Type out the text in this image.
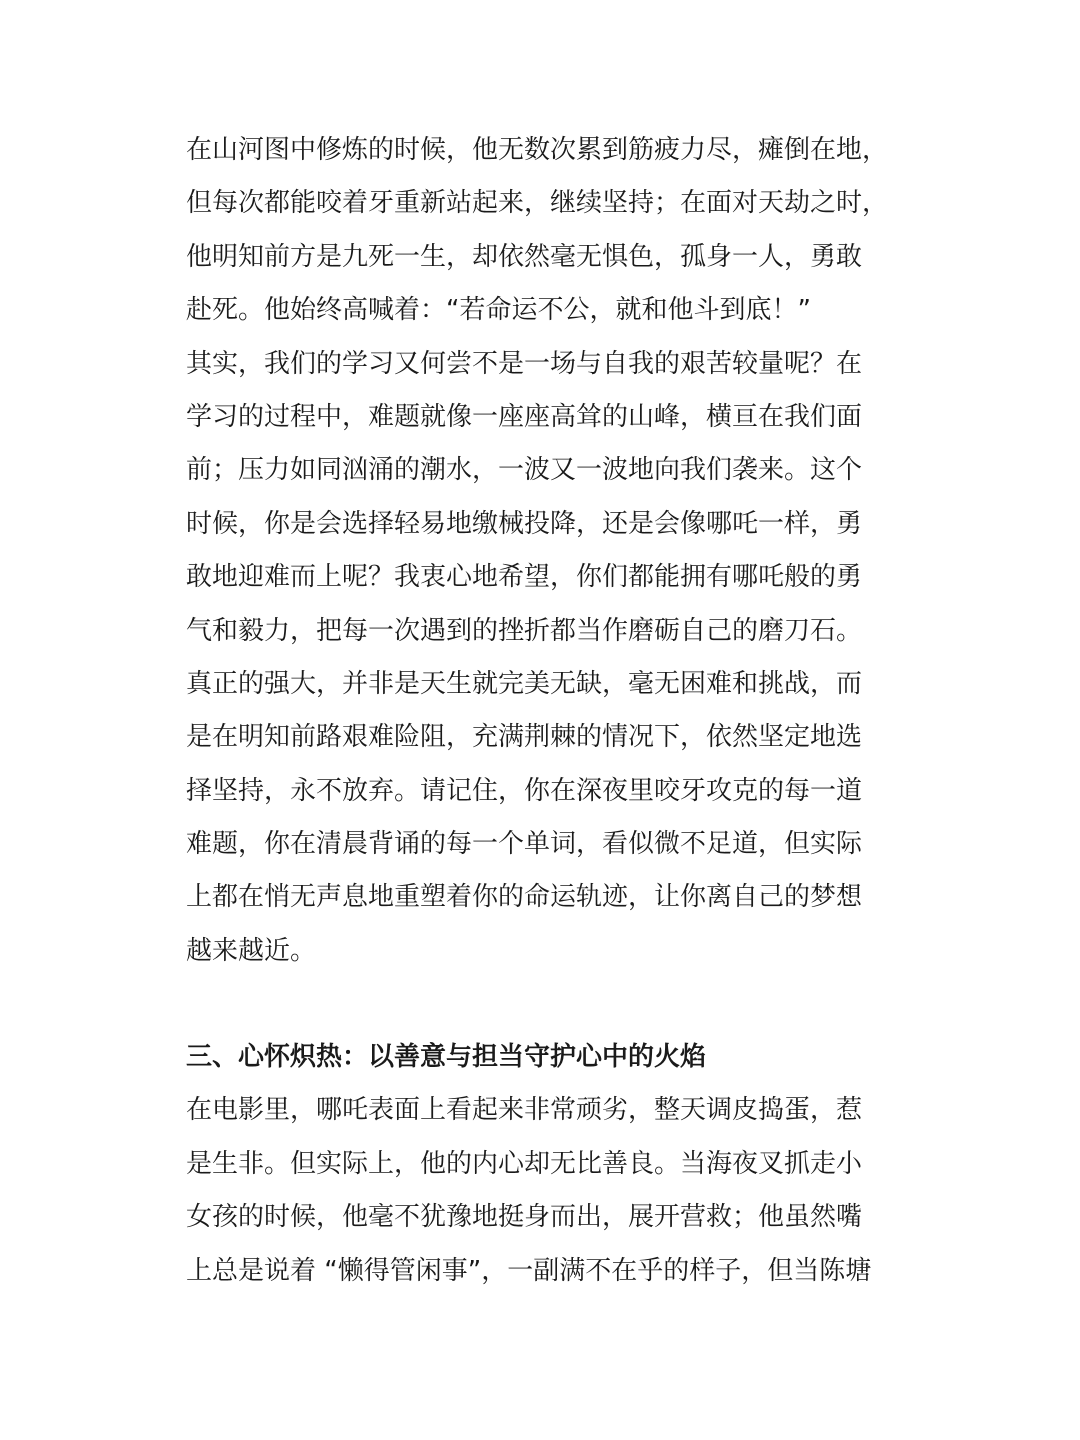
在山河图中修炼的时候，他无数次累到筋疲力尽，瘫倒在地，
但每次都能咬着牙重新站起来，继续坚持；在面对天劫之时，
他明知前方是九死一生，却依然毫无惧色，孤身一人，勇敢
赴死。他始终高喊着：“若命运不公，就和他斗到底！”
其实，我们的学习又何尝不是一场与自我的艰苦较量呢？在
学习的过程中，难题就像一座座高耸的山峰，横亘在我们面
前；压力如同汹涌的潮水，一波又一波地向我们袭来。这个
时候，你是会选择轻易地缴械投降，还是会像哪吒一样，勇
敢地迎难而上呢？我衷心地希望，你们都能拥有哪吒般的勇
气和毅力，把每一次遇到的挫折都当作磨砺自己的磨刀石。
真正的强大，并非是天生就完美无缺，毫无困难和挑战，而
是在明知前路艰难险阻，充满荆棘的情况下，依然坚定地选
择坚持，永不放弃。请记住，你在深夜里咬牙攻克的每一道
难题，你在清晨背诵的每一个单词，看似微不足道，但实际
上都在悄无声息地重塑着你的命运轨迹，让你离自己的梦想
越来越近。
三、心怀炽热：以善意与担当守护心中的火焰
在电影里，哪吒表面上看起来非常顽劣，整天调皮捣蛋，惹
是生非。但实际上，他的内心却无比善良。当海夜叉抓走小
女孩的时候，他毫不犹豫地挺身而出，展开营救；他虽然嘴
上总是说着 “懒得管闲事”，一副满不在乎的样子，但当陈塘
